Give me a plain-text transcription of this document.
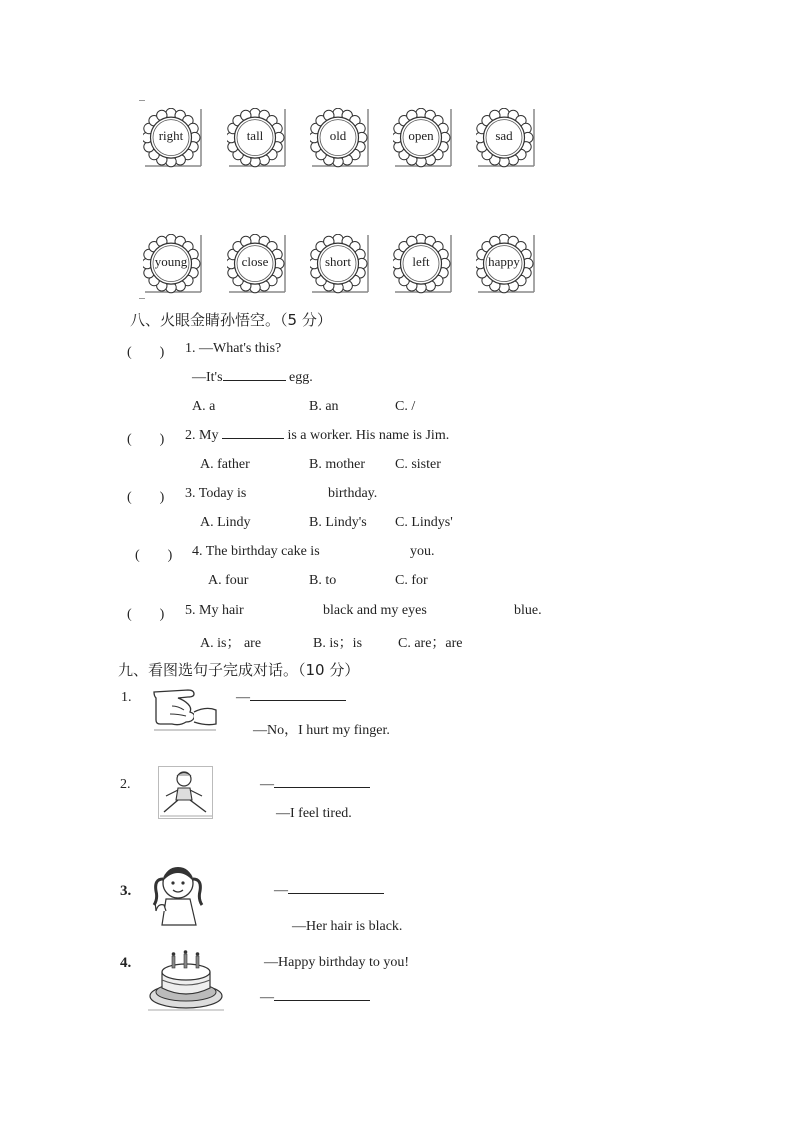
right	tall	old	open	sad
young	close	short	left	happy
八、火眼金睛孙悟空。（5 分）
(　　) 1. —What's this?
—It's	egg.
A. a	B. an	C. /
(　　) 2. My	is a worker. His name is Jim.
A. father	B. mother C. sister
(　　) 3. Today is	birthday.
A. Lindy	B. Lindy's C. Lindys'
(　　) 4. The birthday cake is	you.
A. four	B. to	C. for
(　　) 5. My hair	black and my eyes	blue.
A. is； are	B. is；is	C. are；are
九、看图选句子完成对话。（10 分）
1.	—
—No，I hurt my finger.
2.	—
—I feel tired.
3.	—
—Her hair is black.
4.	—Happy birthday to you!
—
